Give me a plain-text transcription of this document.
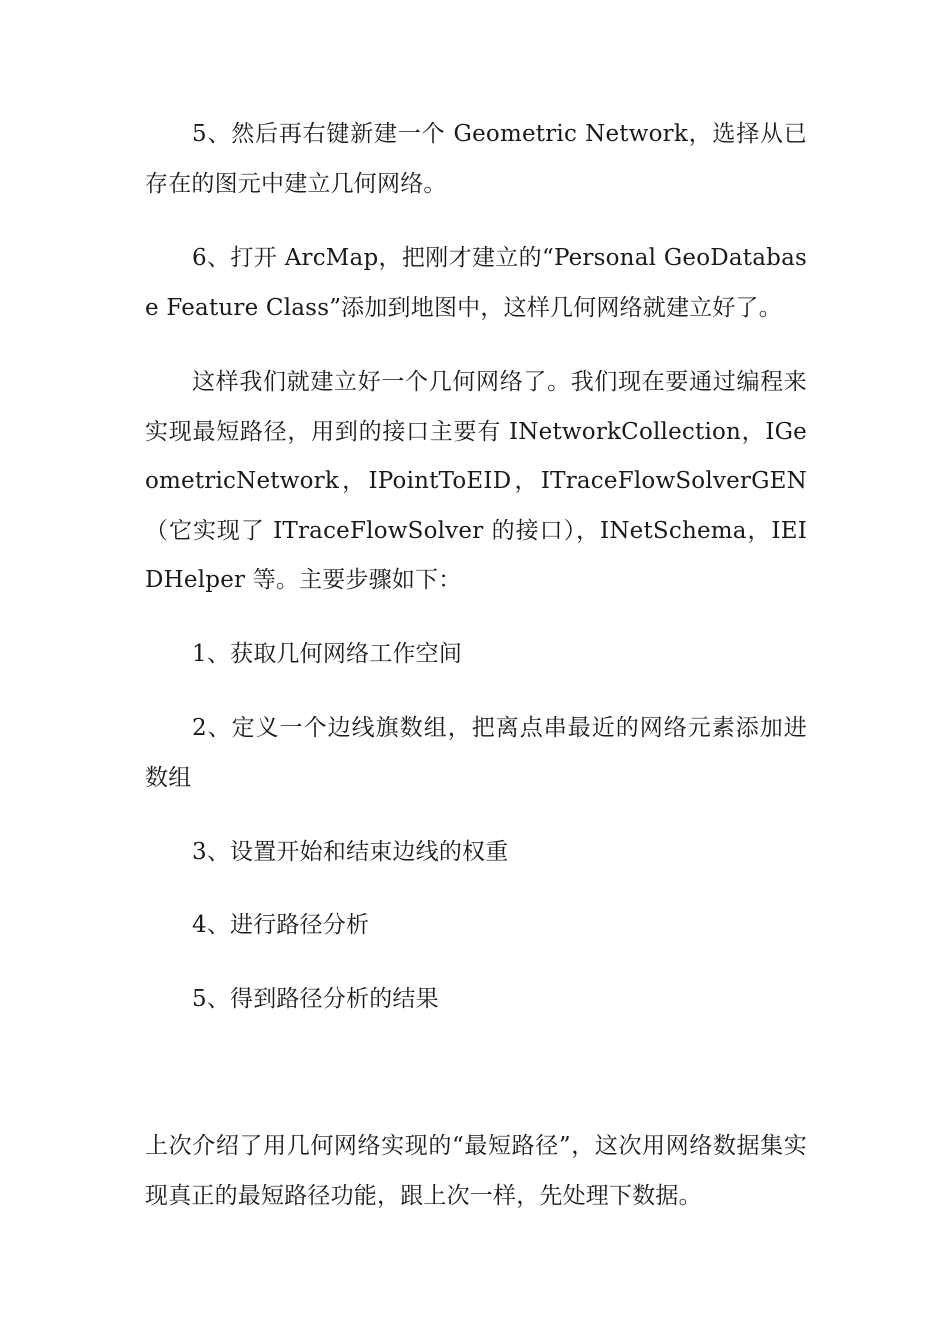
5、然后再右键新建一个 Geometric Network，选择从已存在的图元中建立几何网络。

6、打开 ArcMap，把刚才建立的“Personal GeoDatabase Feature Class”添加到地图中，这样几何网络就建立好了。

这样我们就建立好一个几何网络了。我们现在要通过编程来实现最短路径，用到的接口主要有 INetworkCollection，IGeometricNetwork，IPointToEID，ITraceFlowSolverGEN（它实现了 ITraceFlowSolver 的接口），INetSchema，IEIDHelper 等。主要步骤如下：

1、获取几何网络工作空间

2、定义一个边线旗数组，把离点串最近的网络元素添加进数组

3、设置开始和结束边线的权重

4、进行路径分析

5、得到路径分析的结果

上次介绍了用几何网络实现的“最短路径”，这次用网络数据集实现真正的最短路径功能，跟上次一样，先处理下数据。
